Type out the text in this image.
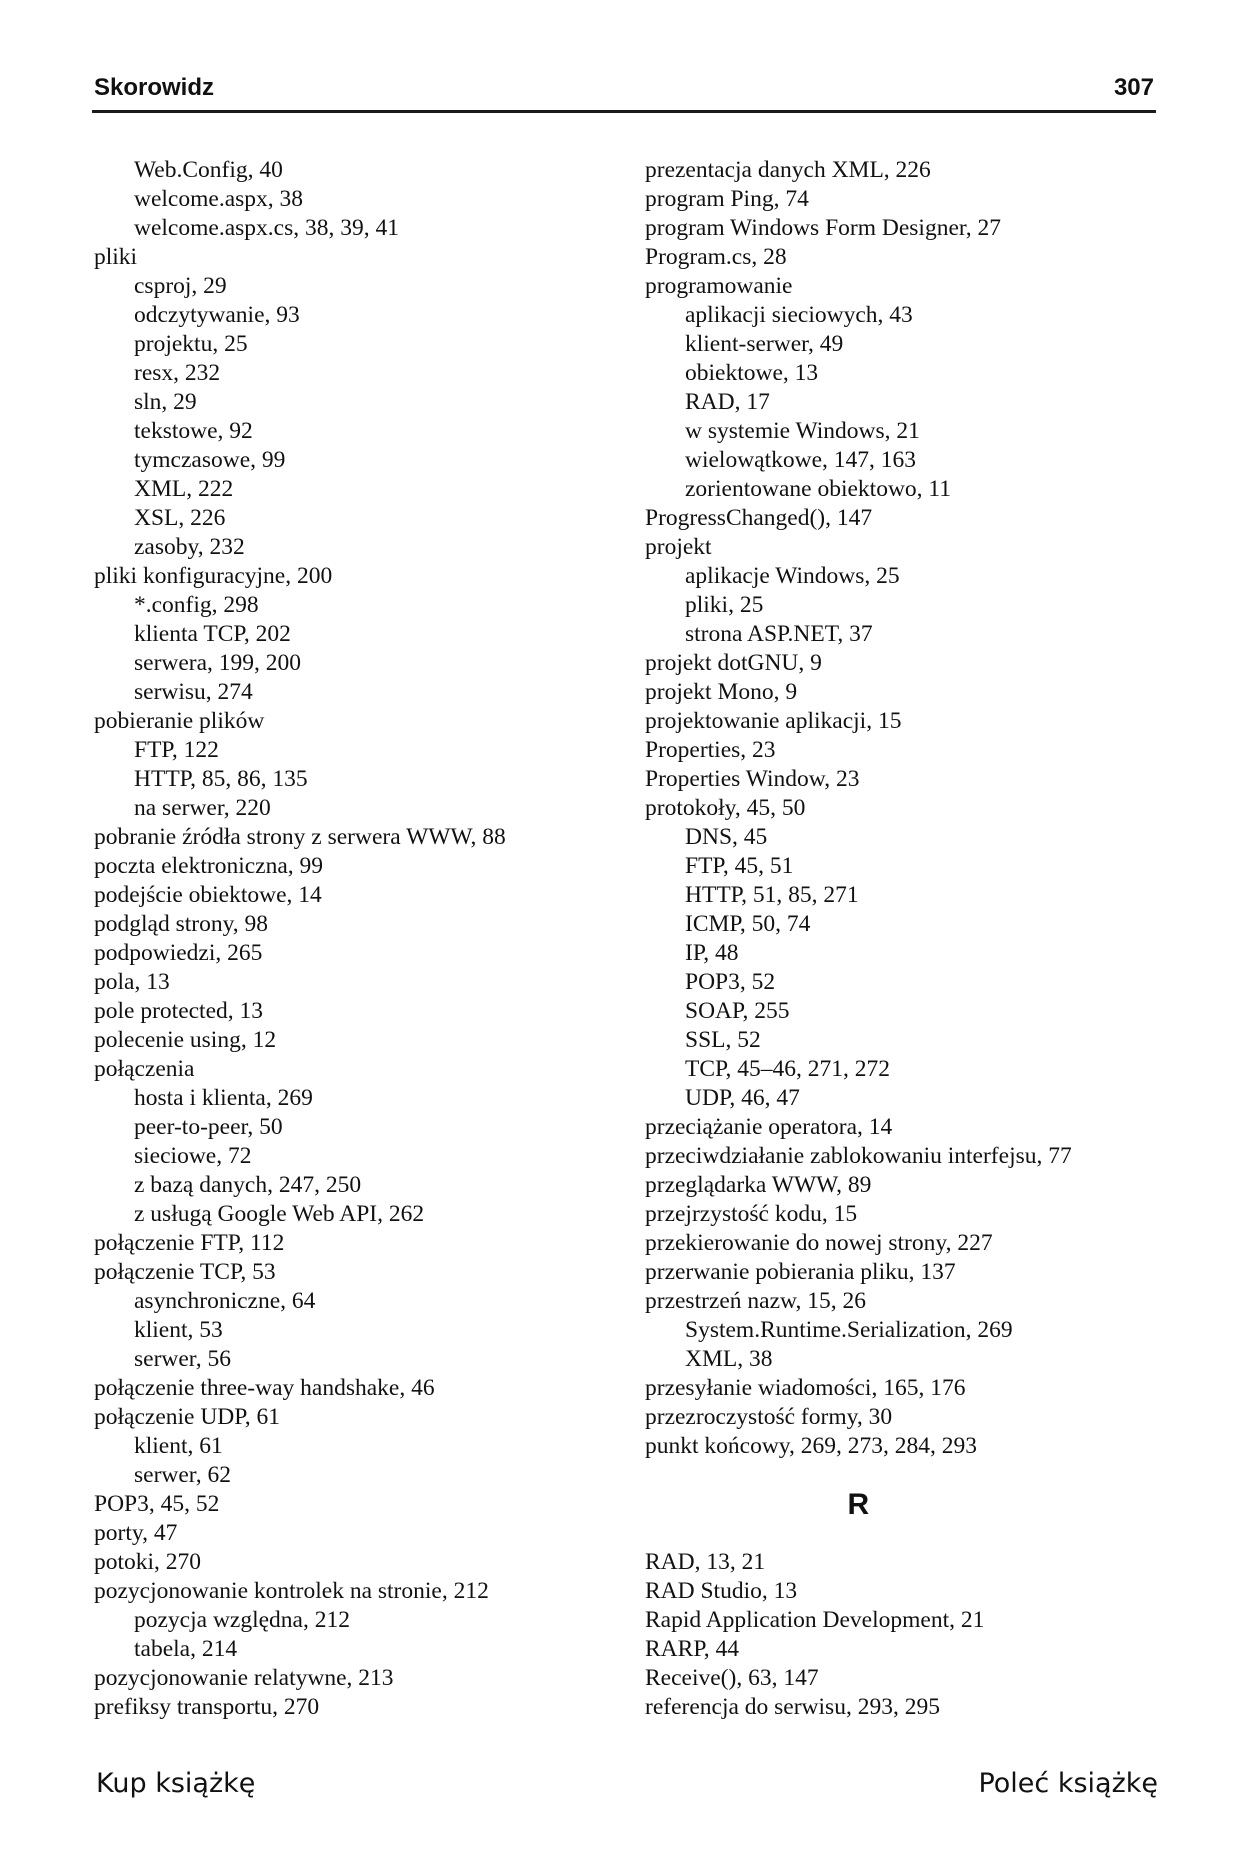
Skorowidz	307
Web.Config, 40
welcome.aspx, 38
welcome.aspx.cs, 38, 39, 41
pliki
csproj, 29
odczytywanie, 93
projektu, 25
resx, 232
sln, 29
tekstowe, 92
tymczasowe, 99
XML, 222
XSL, 226
zasoby, 232
pliki konfiguracyjne, 200
*.config, 298
klienta TCP, 202
serwera, 199, 200
serwisu, 274
pobieranie plików
FTP, 122
HTTP, 85, 86, 135
na serwer, 220
pobranie źródła strony z serwera WWW, 88
poczta elektroniczna, 99
podejście obiektowe, 14
podgląd strony, 98
podpowiedzi, 265
pola, 13
pole protected, 13
polecenie using, 12
połączenia
hosta i klienta, 269
peer-to-peer, 50
sieciowe, 72
z bazą danych, 247, 250
z usługą Google Web API, 262
połączenie FTP, 112
połączenie TCP, 53
asynchroniczne, 64
klient, 53
serwer, 56
połączenie three-way handshake, 46
połączenie UDP, 61
klient, 61
serwer, 62
POP3, 45, 52
porty, 47
potoki, 270
pozycjonowanie kontrolek na stronie, 212
pozycja względna, 212
tabela, 214
pozycjonowanie relatywne, 213
prefiksy transportu, 270
prezentacja danych XML, 226
program Ping, 74
program Windows Form Designer, 27
Program.cs, 28
programowanie
aplikacji sieciowych, 43
klient-serwer, 49
obiektowe, 13
RAD, 17
w systemie Windows, 21
wielowątkowe, 147, 163
zorientowane obiektowo, 11
ProgressChanged(), 147
projekt
aplikacje Windows, 25
pliki, 25
strona ASP.NET, 37
projekt dotGNU, 9
projekt Mono, 9
projektowanie aplikacji, 15
Properties, 23
Properties Window, 23
protokoły, 45, 50
DNS, 45
FTP, 45, 51
HTTP, 51, 85, 271
ICMP, 50, 74
IP, 48
POP3, 52
SOAP, 255
SSL, 52
TCP, 45–46, 271, 272
UDP, 46, 47
przeciążanie operatora, 14
przeciwdziałanie zablokowaniu interfejsu, 77
przeglądarka WWW, 89
przejrzystość kodu, 15
przekierowanie do nowej strony, 227
przerwanie pobierania pliku, 137
przestrzeń nazw, 15, 26
System.Runtime.Serialization, 269
XML, 38
przesyłanie wiadomości, 165, 176
przezroczystość formy, 30
punkt końcowy, 269, 273, 284, 293
R
RAD, 13, 21
RAD Studio, 13
Rapid Application Development, 21
RARP, 44
Receive(), 63, 147
referencja do serwisu, 293, 295
Kup książkę	Poleć książkę
